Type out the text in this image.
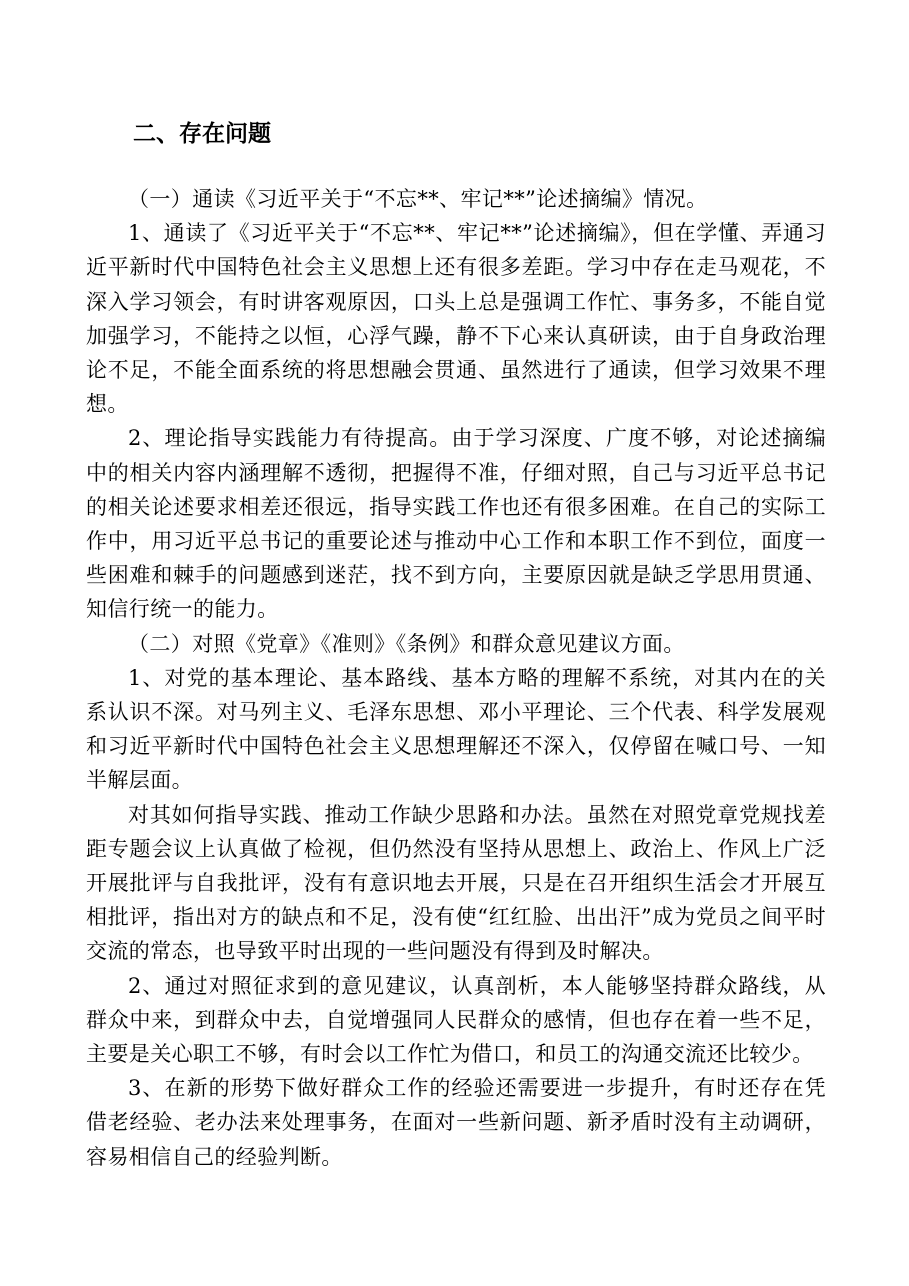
二、存在问题

（一）通读《习近平关于“不忘**、牢记**”论述摘编》情况。

1、通读了《习近平关于“不忘**、牢记**”论述摘编》，但在学懂、弄通习近平新时代中国特色社会主义思想上还有很多差距。学习中存在走马观花，不深入学习领会，有时讲客观原因，口头上总是强调工作忙、事务多，不能自觉加强学习，不能持之以恒，心浮气躁，静不下心来认真研读，由于自身政治理论不足，不能全面系统的将思想融会贯通、虽然进行了通读，但学习效果不理想。

2、理论指导实践能力有待提高。由于学习深度、广度不够，对论述摘编中的相关内容内涵理解不透彻，把握得不准，仔细对照，自己与习近平总书记的相关论述要求相差还很远，指导实践工作也还有很多困难。在自己的实际工作中，用习近平总书记的重要论述与推动中心工作和本职工作不到位，面度一些困难和棘手的问题感到迷茫，找不到方向，主要原因就是缺乏学思用贯通、知信行统一的能力。

（二）对照《党章》《准则》《条例》和群众意见建议方面。

1、对党的基本理论、基本路线、基本方略的理解不系统，对其内在的关系认识不深。对马列主义、毛泽东思想、邓小平理论、三个代表、科学发展观和习近平新时代中国特色社会主义思想理解还不深入，仅停留在喊口号、一知半解层面。

对其如何指导实践、推动工作缺少思路和办法。虽然在对照党章党规找差距专题会议上认真做了检视，但仍然没有坚持从思想上、政治上、作风上广泛开展批评与自我批评，没有有意识地去开展，只是在召开组织生活会才开展互相批评，指出对方的缺点和不足，没有使“红红脸、出出汗”成为党员之间平时交流的常态，也导致平时出现的一些问题没有得到及时解决。

2、通过对照征求到的意见建议，认真剖析，本人能够坚持群众路线，从群众中来，到群众中去，自觉增强同人民群众的感情，但也存在着一些不足，主要是关心职工不够，有时会以工作忙为借口，和员工的沟通交流还比较少。

3、在新的形势下做好群众工作的经验还需要进一步提升，有时还存在凭借老经验、老办法来处理事务，在面对一些新问题、新矛盾时没有主动调研，容易相信自己的经验判断。
